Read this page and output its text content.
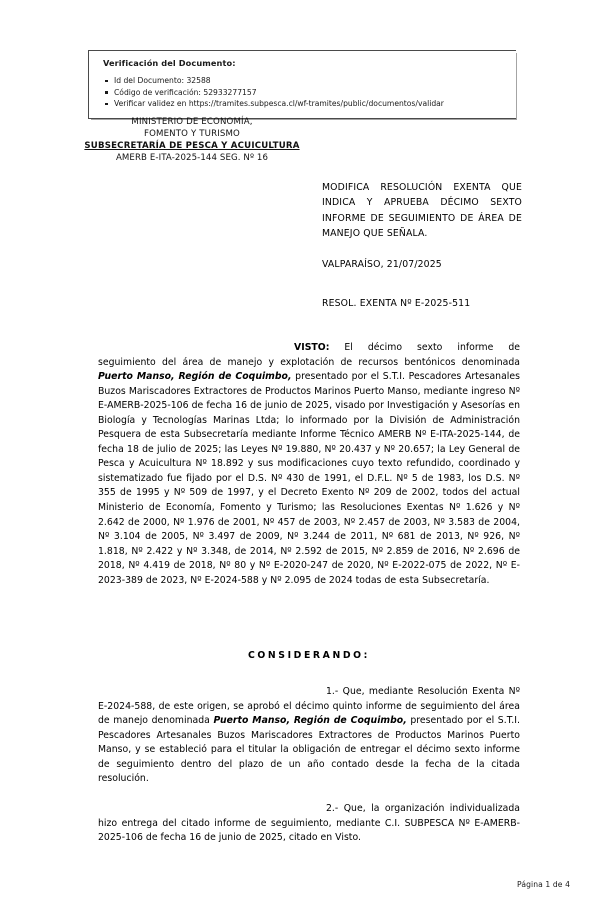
Verificación del Documento:
Id del Documento: 32588
Código de verificación: 52933277157
Verificar validez en https://tramites.subpesca.cl/wf-tramites/public/documentos/validar
MINISTERIO DE ECONOMÍA,
FOMENTO Y TURISMO
SUBSECRETARÍA DE PESCA Y ACUICULTURA
AMERB E-ITA-2025-144 SEG. Nº 16
MODIFICA RESOLUCIÓN EXENTA QUE INDICA Y APRUEBA DÉCIMO SEXTO INFORME DE SEGUIMIENTO DE ÁREA DE MANEJO QUE SEÑALA.
VALPARAÍSO, 21/07/2025
RESOL. EXENTA Nº E-2025-511

VISTO: El décimo sexto informe de seguimiento del área de manejo y explotación de recursos bentónicos denominada Puerto Manso, Región de Coquimbo, presentado por el S.T.I. Pescadores Artesanales Buzos Mariscadores Extractores de Productos Marinos Puerto Manso, mediante ingreso Nº E-AMERB-2025-106 de fecha 16 de junio de 2025, visado por Investigación y Asesorías en Biología y Tecnologías Marinas Ltda; lo informado por la División de Administración Pesquera de esta Subsecretaría mediante Informe Técnico AMERB Nº E-ITA-2025-144, de fecha 18 de julio de 2025; las Leyes Nº 19.880, Nº 20.437 y Nº 20.657; la Ley General de Pesca y Acuicultura Nº 18.892 y sus modificaciones cuyo texto refundido, coordinado y sistematizado fue fijado por el D.S. Nº 430 de 1991, el D.F.L. Nº 5 de 1983, los D.S. Nº 355 de 1995 y Nº 509 de 1997, y el Decreto Exento Nº 209 de 2002, todos del actual Ministerio de Economía, Fomento y Turismo; las Resoluciones Exentas Nº 1.626 y Nº 2.642 de 2000, Nº 1.976 de 2001, Nº 457 de 2003, Nº 2.457 de 2003, Nº 3.583 de 2004, Nº 3.104 de 2005, Nº 3.497 de 2009, Nº 3.244 de 2011, Nº 681 de 2013, Nº 926, Nº 1.818, Nº 2.422 y Nº 3.348, de 2014, Nº 2.592 de 2015, Nº 2.859 de 2016, Nº 2.696 de 2018, Nº 4.419 de 2018, Nº 80 y Nº E-2020-247 de 2020, Nº E-2022-075 de 2022, Nº E-2023-389 de 2023, Nº E-2024-588 y Nº 2.095 de 2024 todas de esta Subsecretaría.

CONSIDERANDO:

1.- Que, mediante Resolución Exenta Nº E-2024-588, de este origen, se aprobó el décimo quinto informe de seguimiento del área de manejo denominada Puerto Manso, Región de Coquimbo, presentado por el S.T.I. Pescadores Artesanales Buzos Mariscadores Extractores de Productos Marinos Puerto Manso, y se estableció para el titular la obligación de entregar el décimo sexto informe de seguimiento dentro del plazo de un año contado desde la fecha de la citada resolución.

2.- Que, la organización individualizada hizo entrega del citado informe de seguimiento, mediante C.I. SUBPESCA Nº E-AMERB-2025-106 de fecha 16 de junio de 2025, citado en Visto.

Página 1 de 4
